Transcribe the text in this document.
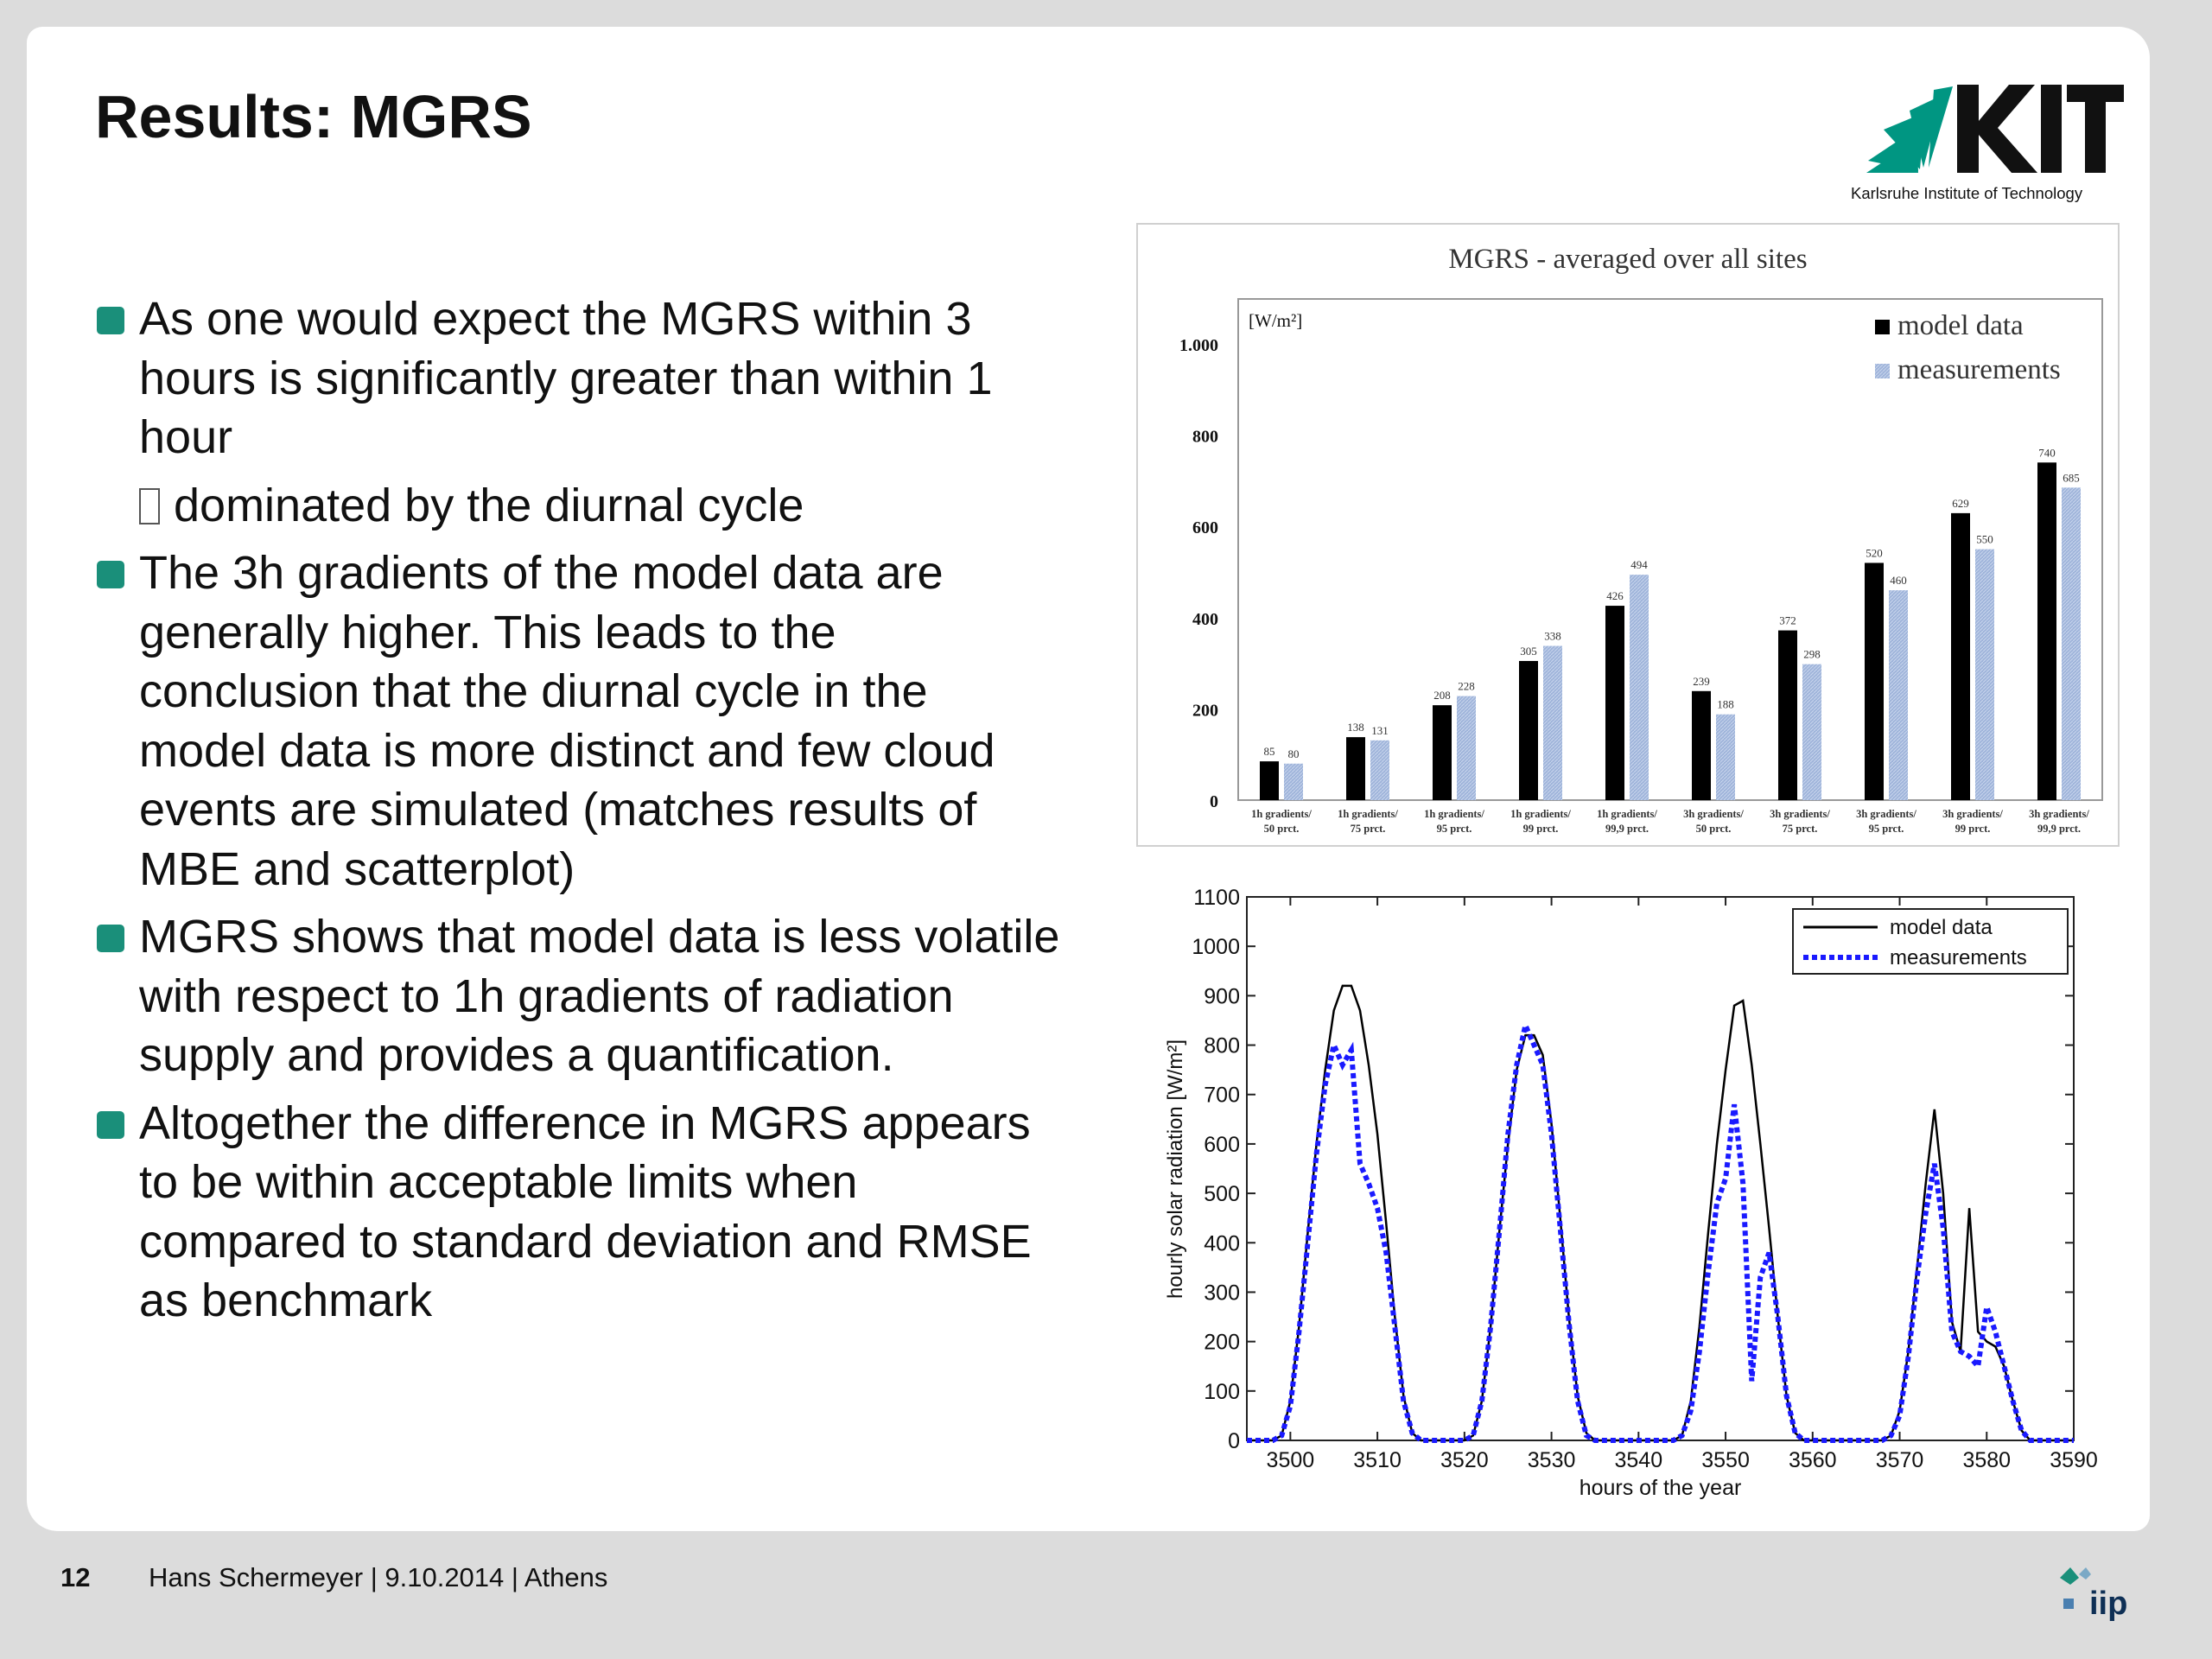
Results: MGRS
Karlsruhe Institute of Technology
As one would expect the MGRS within 3
hours is significantly greater than within 1
hour
dominated by the diurnal cycle
The 3h gradients of the model data are
generally higher. This leads to the
conclusion that the diurnal cycle in the
model data is more distinct and few cloud
events are simulated (matches results of
MBE and scatterplot)
MGRS shows that model data is less volatile
with respect to 1h gradients of radiation
supply and provides a quantification.
Altogether the difference in MGRS appears
to be within acceptable limits when
compared to standard deviation and RMSE
as benchmark
MGRS - averaged over all sites
[W/m²]
0
200
400
600
800
1.000
85 80
1h gradients/
50 prct.
138 131
1h gradients/
75 prct.
208
228
1h gradients/
95 prct.
305
338
1h gradients/
99 prct.
426
494
1h gradients/
99,9 prct.
239
188
3h gradients/
50 prct.
372
298
3h gradients/
75 prct.
520
460
3h gradients/
95 prct.
629
550
3h gradients/
99 prct.
740
685
3h gradients/
99,9 prct.
model data
measurements
0
100
200
300
400
500
600
700
800
900
1000
1100
3500 3510 3520 3530 3540 3550 3560 3570 3580 3590
hours of the year
hourly solar radiation [W/m²]
model data
measurements
12 Hans Schermeyer | 9.10.2014 | Athens
iip
